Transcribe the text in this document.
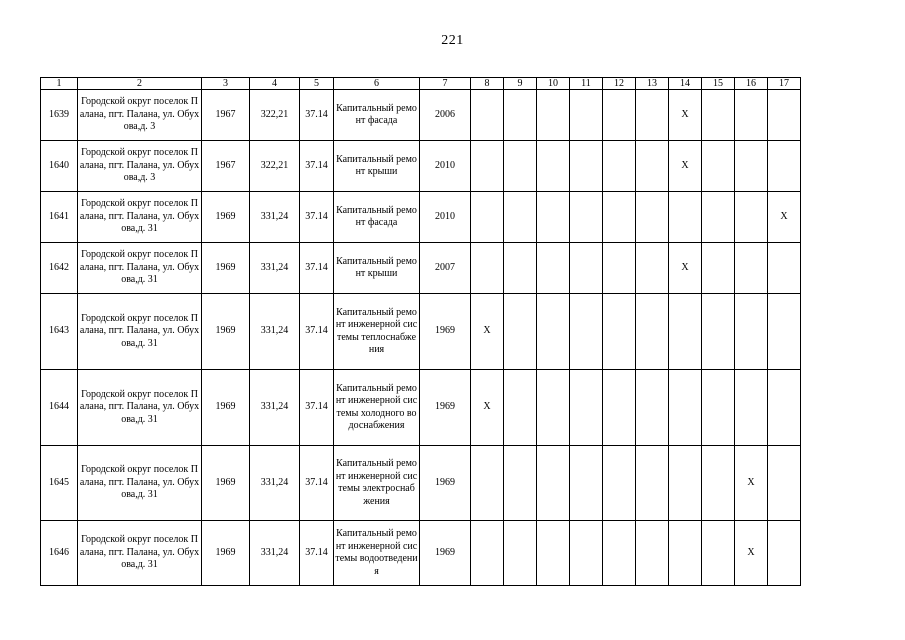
221
1	2	3	4	5	6	7	8	9	10	11	12	13	14	15	16	17
1639	Городской округ поселок Палана, пгт. Палана, ул. Обухова,д. 3	1967	322,21	37.14	Капитальный ремонт фасада	2006							X			
1640	Городской округ поселок Палана, пгт. Палана, ул. Обухова,д. 3	1967	322,21	37.14	Капитальный ремонт крыши	2010							X			
1641	Городской округ поселок Палана, пгт. Палана, ул. Обухова,д. 31	1969	331,24	37.14	Капитальный ремонт фасада	2010										X
1642	Городской округ поселок Палана, пгт. Палана, ул. Обухова,д. 31	1969	331,24	37.14	Капитальный ремонт крыши	2007							X			
1643	Городской округ поселок Палана, пгт. Палана, ул. Обухова,д. 31	1969	331,24	37.14	Капитальный ремонт инженерной системы теплоснабжения	1969	X									
1644	Городской округ поселок Палана, пгт. Палана, ул. Обухова,д. 31	1969	331,24	37.14	Капитальный ремонт инженерной системы холодного водоснабжения	1969	X									
1645	Городской округ поселок Палана, пгт. Палана, ул. Обухова,д. 31	1969	331,24	37.14	Капитальный ремонт инженерной системы электроснабжения	1969									X	
1646	Городской округ поселок Палана, пгт. Палана, ул. Обухова,д. 31	1969	331,24	37.14	Капитальный ремонт инженерной системы водоотведения	1969									X	
